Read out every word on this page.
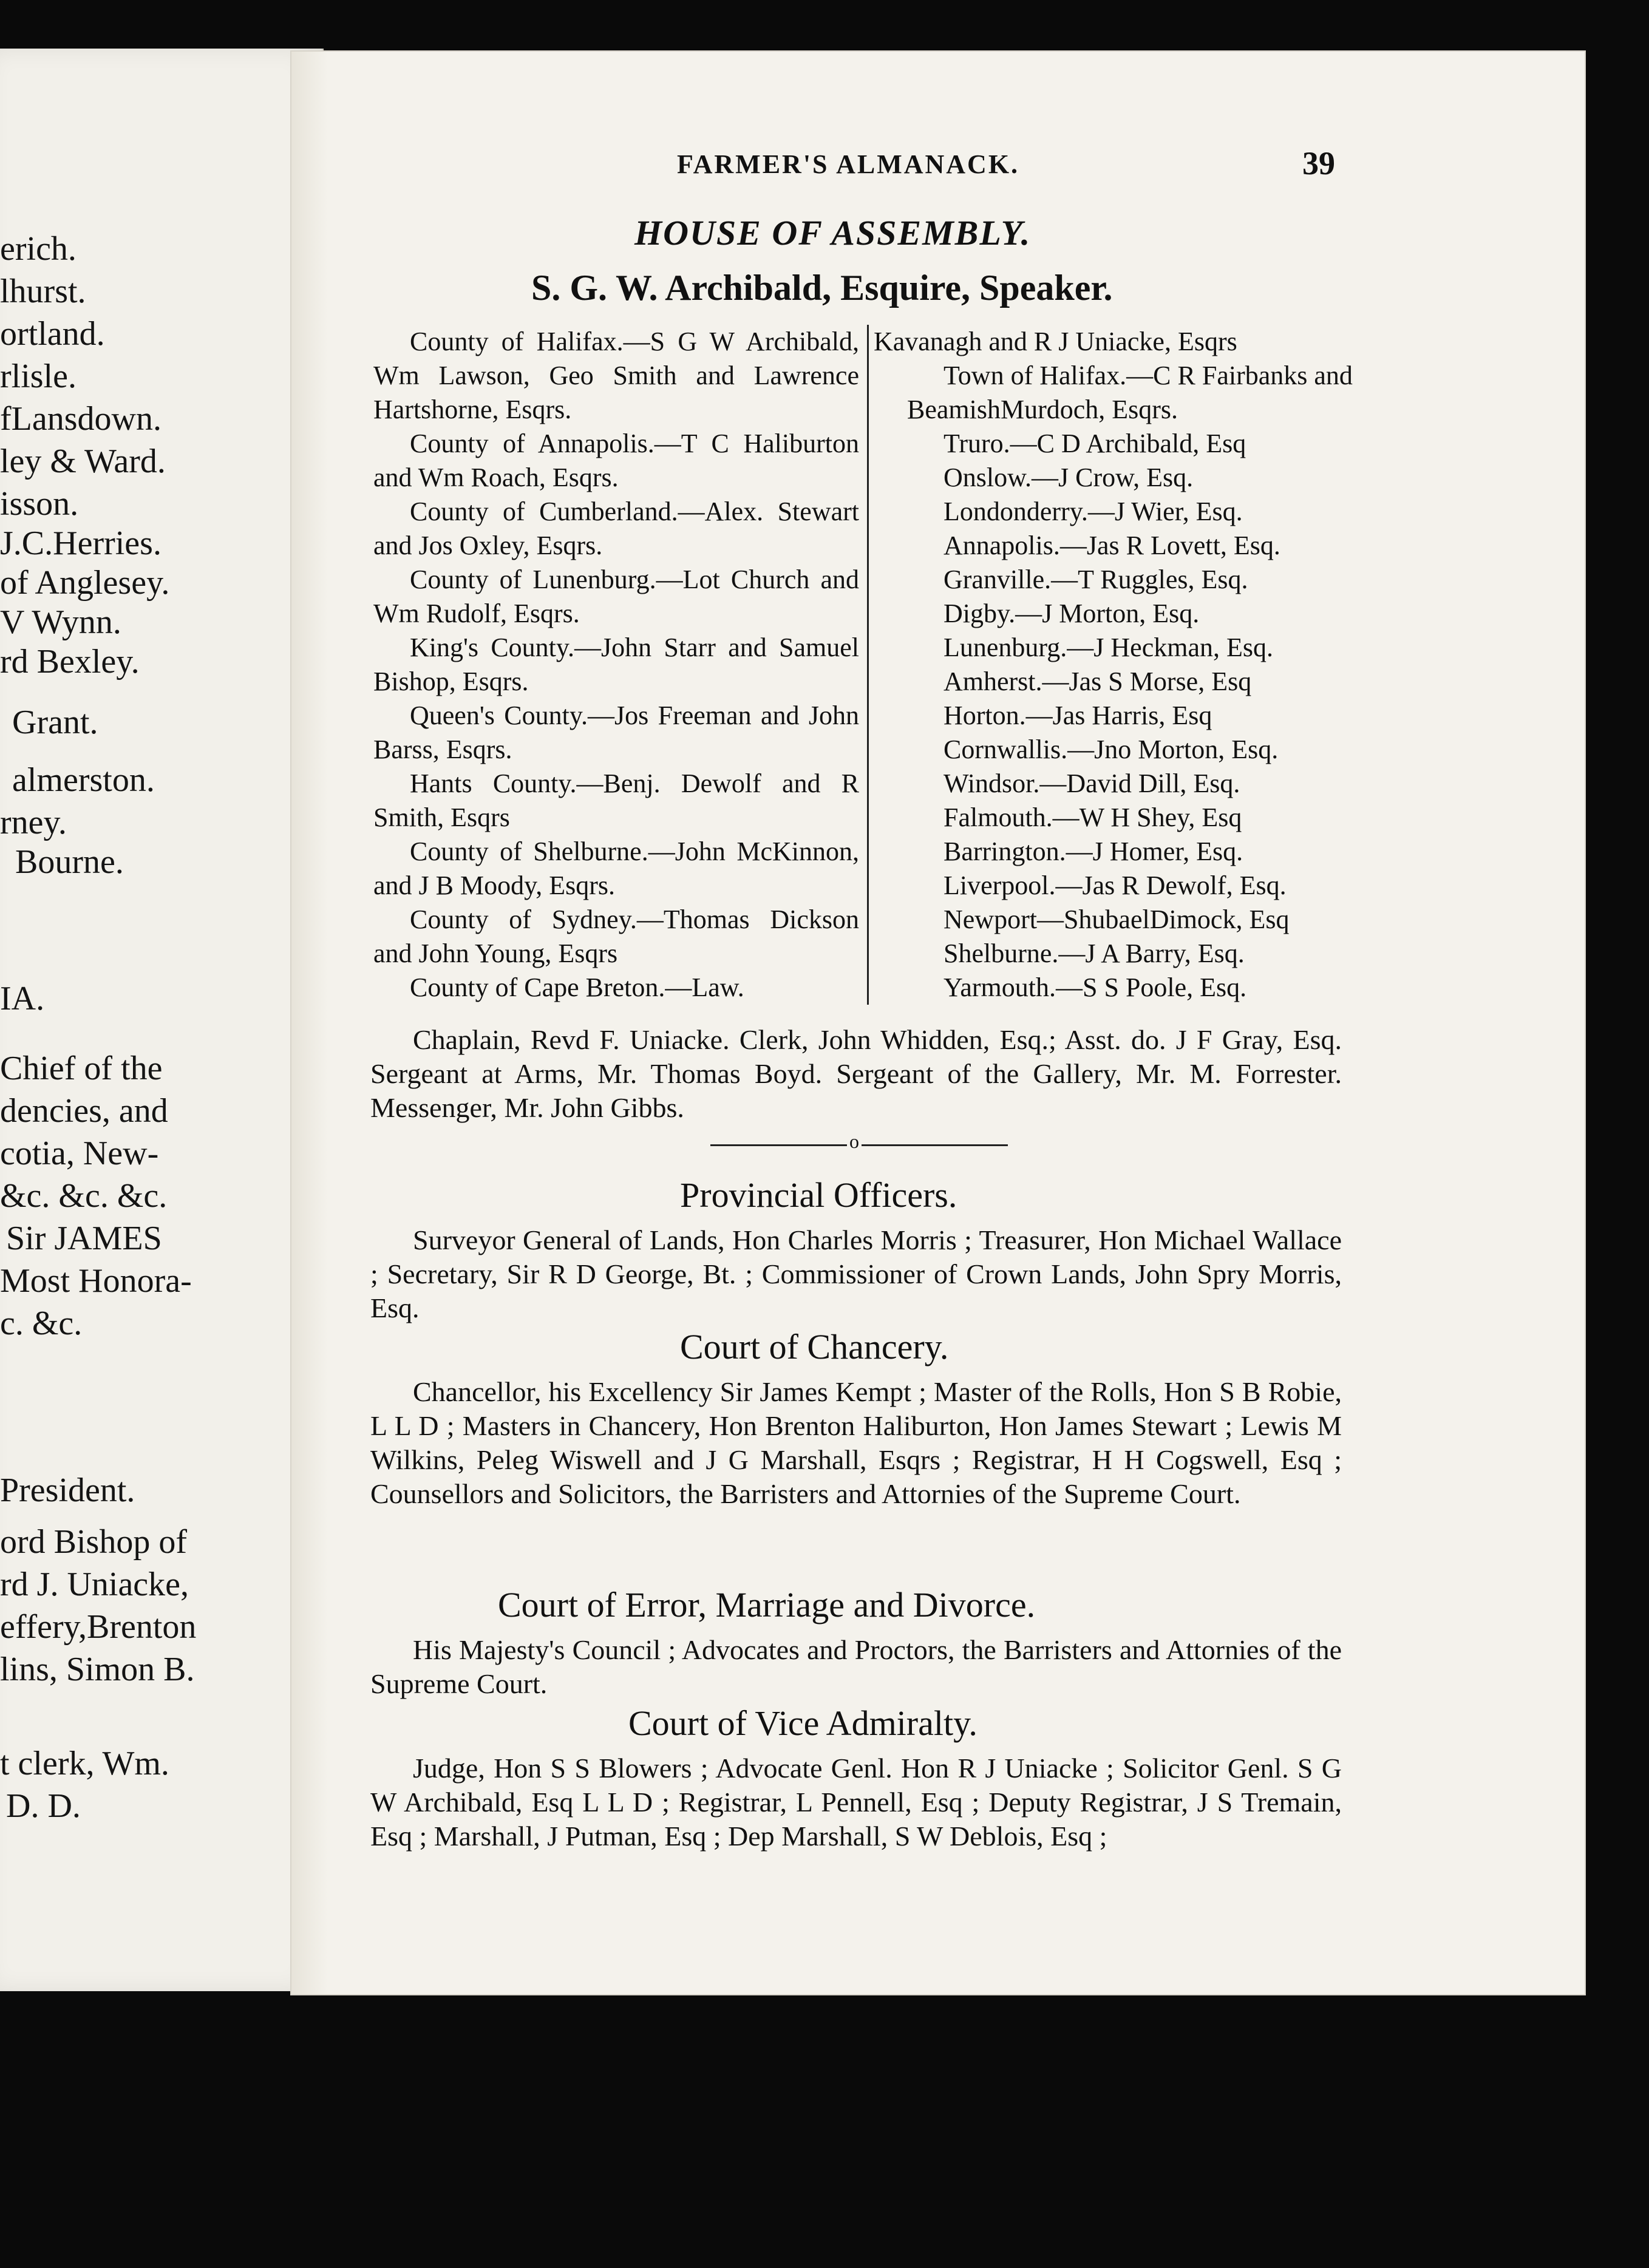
erich.
lhurst.
ortland.
rlisle.
fLansdown.
ley & Ward.
isson.
J.C.Herries.
of Anglesey.
V Wynn.
rd Bexley.
Grant.
almerston.
rney.
Bourne.
IA.
Chief of the
dencies, and
cotia, New-
&c. &c. &c.
Sir JAMES
Most Honora-
c. &c.
President.
ord Bishop of
rd J. Uniacke,
effery,Brenton
lins, Simon B.
t clerk, Wm.
D. D.
FARMER'S ALMANACK.	39
HOUSE OF ASSEMBLY.
S. G. W. Archibald, Esquire, Speaker.

County of Halifax.—S G W Archibald, Wm Lawson, Geo Smith and Lawrence Hartshorne, Esqrs.

County of Annapolis.—T C Haliburton and Wm Roach, Esqrs.

County of Cumberland.—Alex. Stewart and Jos Oxley, Esqrs.

County of Lunenburg.—Lot Church and Wm Rudolf, Esqrs.

King's County.—John Starr and Samuel Bishop, Esqrs.

Queen's County.—Jos Freeman and John Barss, Esqrs.

Hants County.—Benj. Dewolf and R Smith, Esqrs

County of Shelburne.—John McKinnon, and J B Moody, Esqrs.

County of Sydney.—Thomas Dickson and John Young, Esqrs

County of Cape Breton.—Law.

Kavanagh and R J Uniacke, Esqrs

Town of Halifax.—C R Fairbanks and BeamishMurdoch, Esqrs.

Truro.—C D Archibald, Esq

Onslow.—J Crow, Esq.

Londonderry.—J Wier, Esq.

Annapolis.—Jas R Lovett, Esq.

Granville.—T Ruggles, Esq.

Digby.—J Morton, Esq.

Lunenburg.—J Heckman, Esq.

Amherst.—Jas S Morse, Esq

Horton.—Jas Harris, Esq

Cornwallis.—Jno Morton, Esq.

Windsor.—David Dill, Esq.

Falmouth.—W H Shey, Esq

Barrington.—J Homer, Esq.

Liverpool.—Jas R Dewolf, Esq.

Newport—ShubaelDimock, Esq

Shelburne.—J A Barry, Esq.

Yarmouth.—S S Poole, Esq.

Chaplain, Revd F. Uniacke. Clerk, John Whidden, Esq.; Asst. do. J F Gray, Esq. Sergeant at Arms, Mr. Thomas Boyd. Sergeant of the Gallery, Mr. M. Forrester. Messenger, Mr. John Gibbs.

o
Provincial Officers.

Surveyor General of Lands, Hon Charles Morris ; Treasurer, Hon Michael Wallace ; Secretary, Sir R D George, Bt. ; Commissioner of Crown Lands, John Spry Morris, Esq.

Court of Chancery.

Chancellor, his Excellency Sir James Kempt ; Master of the Rolls, Hon S B Robie, L L D ; Masters in Chancery, Hon Brenton Haliburton, Hon James Stewart ; Lewis M Wilkins, Peleg Wiswell and J G Marshall, Esqrs ; Registrar, H H Cogswell, Esq ; Counsellors and Solicitors, the Barristers and Attornies of the Supreme Court.

Court of Error, Marriage and Divorce.

His Majesty's Council ; Advocates and Proctors, the Barristers and Attornies of the Supreme Court.

Court of Vice Admiralty.

Judge, Hon S S Blowers ; Advocate Genl. Hon R J Uniacke ; Solicitor Genl. S G W Archibald, Esq L L D ; Registrar, L Pennell, Esq ; Deputy Registrar, J S Tremain, Esq ; Marshall, J Putman, Esq ; Dep Marshall, S W Deblois, Esq ;
